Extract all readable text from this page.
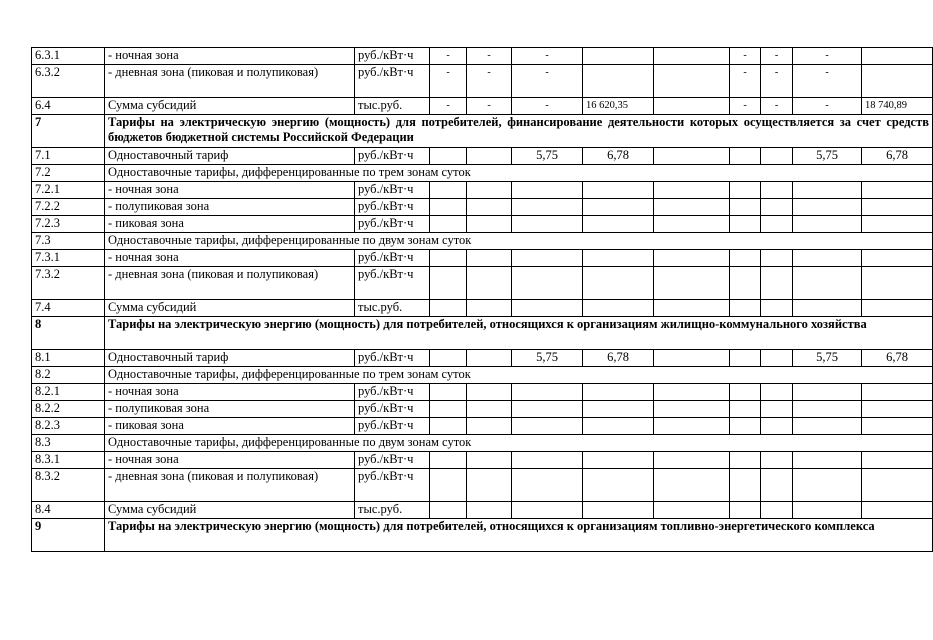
6.3.1	- ночная зона	руб./кВт·ч	-	-	-			-	-	-	
6.3.2	- дневная зона (пиковая и полупиковая)	руб./кВт·ч	-	-	-			-	-	-	
6.4	Сумма субсидий	тыс.руб.	-	-	-	16 620,35		-	-	-	18 740,89
7	Тарифы на электрическую энергию (мощность) для потребителей, финансирование деятельности которых осуществляется за счет средств бюджетов бюджетной системы Российской Федерации										
7.1	Одноставочный тариф	руб./кВт·ч			5,75	6,78				5,75	6,78
7.2	Одноставочные тарифы, дифференцированные по трем зонам суток										
7.2.1	- ночная зона	руб./кВт·ч									
7.2.2	- полупиковая зона	руб./кВт·ч									
7.2.3	- пиковая зона	руб./кВт·ч									
7.3	Одноставочные тарифы, дифференцированные по двум зонам суток										
7.3.1	- ночная зона	руб./кВт·ч									
7.3.2	- дневная зона (пиковая и полупиковая)	руб./кВт·ч									
7.4	Сумма субсидий	тыс.руб.									
8	Тарифы на электрическую энергию (мощность) для потребителей, относящихся к организациям жилищно-коммунального хозяйства										
8.1	Одноставочный тариф	руб./кВт·ч			5,75	6,78				5,75	6,78
8.2	Одноставочные тарифы, дифференцированные по трем зонам суток										
8.2.1	- ночная зона	руб./кВт·ч									
8.2.2	- полупиковая зона	руб./кВт·ч									
8.2.3	- пиковая зона	руб./кВт·ч									
8.3	Одноставочные тарифы, дифференцированные по двум зонам суток										
8.3.1	- ночная зона	руб./кВт·ч									
8.3.2	- дневная зона (пиковая и полупиковая)	руб./кВт·ч									
8.4	Сумма субсидий	тыс.руб.									
9	Тарифы на электрическую энергию (мощность) для потребителей, относящихся к организациям топливно-энергетического комплекса										
